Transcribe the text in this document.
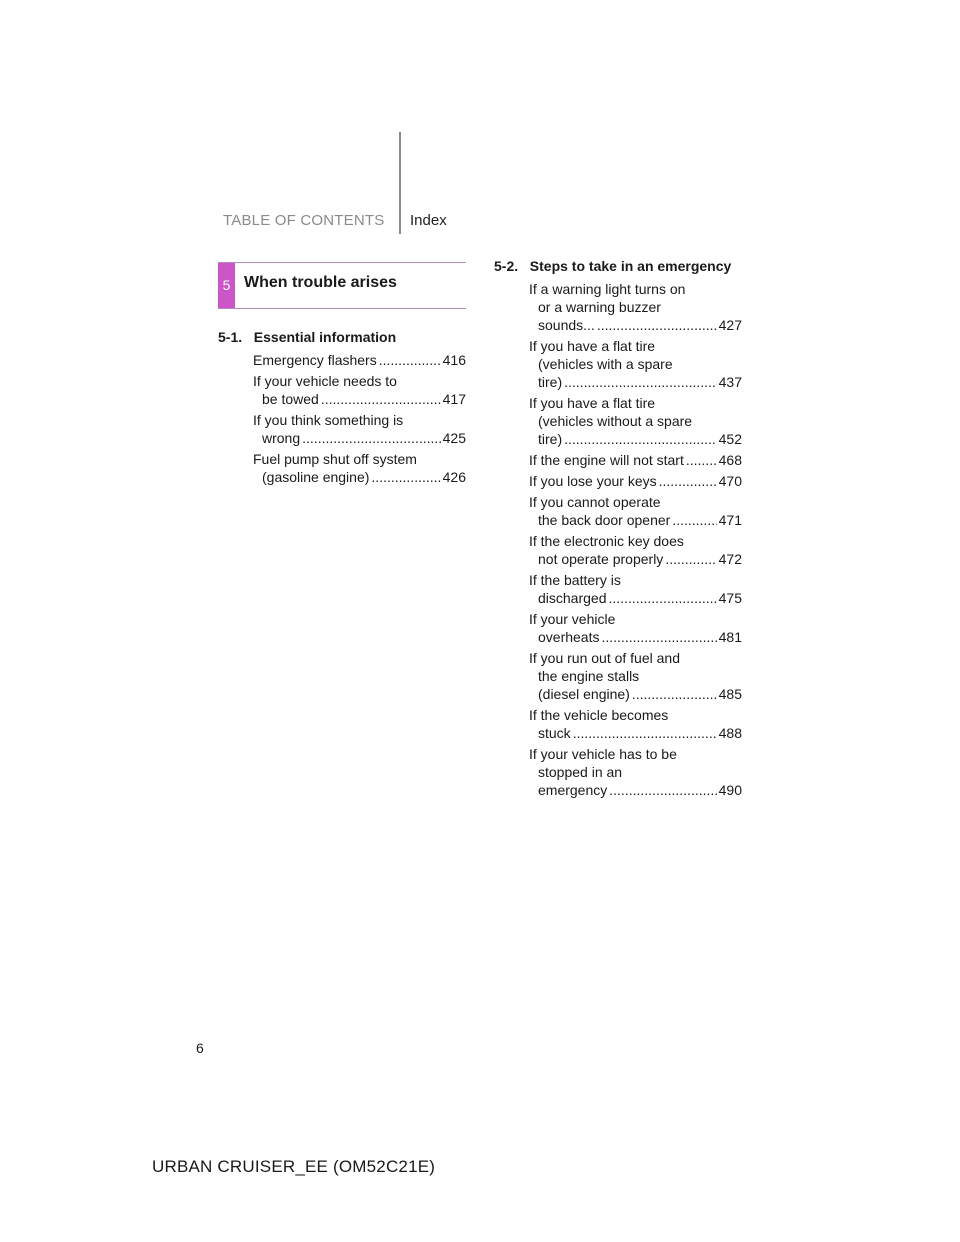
TABLE OF CONTENTS Index
5 When trouble arises
5-1.   Essential information
5-2.   Steps to take in an emergency
Emergency flashers .....	416
If your vehicle needs to
be towed .....	417
If you think something is
wrong .....	425
Fuel pump shut off system
(gasoline engine) .....	426
If a warning light turns on
or a warning buzzer
sounds... .....	427
If you have a flat tire
(vehicles with a spare
tire) .....	437
If you have a flat tire
(vehicles without a spare
tire) .....	452
If the engine will not start ..... 468
If you lose your keys .....	470
If you cannot operate
the back door opener .....	471
If the electronic key does
not operate properly .....	472
If the battery is
discharged .....	475
If your vehicle
overheats .....	481
If you run out of fuel and
the engine stalls
(diesel engine) .....	485
If the vehicle becomes
stuck .....	488
If your vehicle has to be
stopped in an
emergency .....	490
6
URBAN CRUISER_EE (OM52C21E)
